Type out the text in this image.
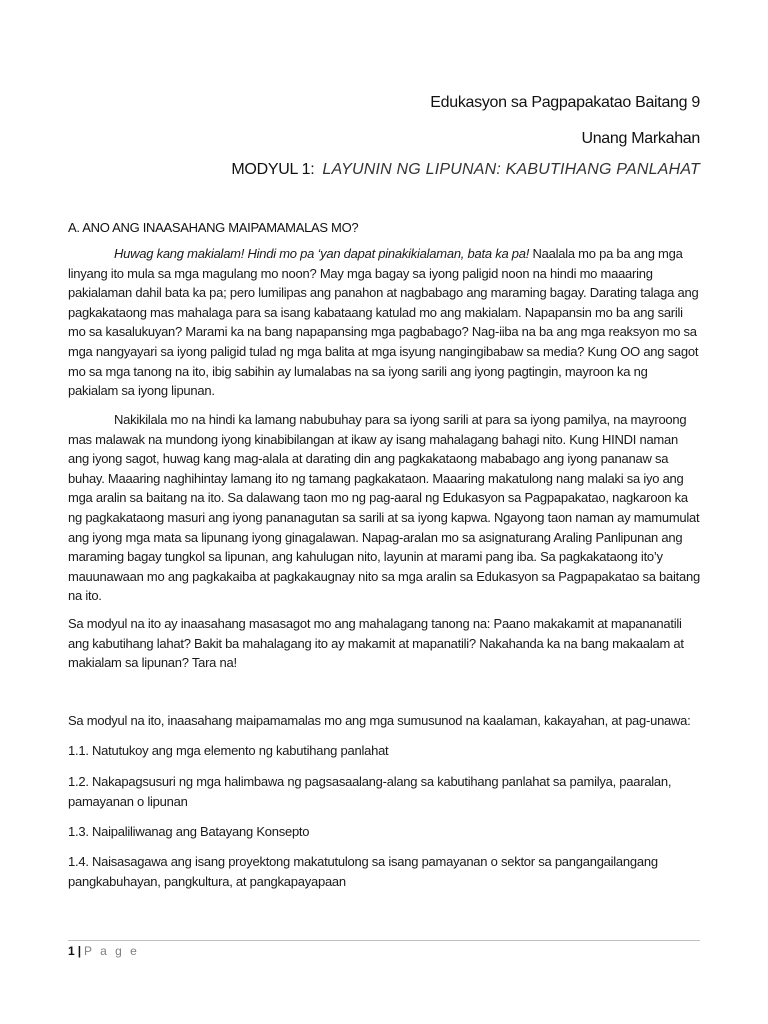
Edukasyon sa Pagpapakatao Baitang 9
Unang Markahan
MODYUL 1: LAYUNIN NG LIPUNAN: KABUTIHANG PANLAHAT
A. ANO ANG INAASAHANG MAIPAMAMALAS MO?
Huwag kang makialam! Hindi mo pa ‘yan dapat pinakikialaman, bata ka pa! Naalala mo pa ba ang mga linyang ito mula sa mga magulang mo noon? May mga bagay sa iyong paligid noon na hindi mo maaaring pakialaman dahil bata ka pa; pero lumilipas ang panahon at nagbabago ang maraming bagay. Darating talaga ang pagkakataong mas mahalaga para sa isang kabataang katulad mo ang makialam. Napapansin mo ba ang sarili mo sa kasalukuyan? Marami ka na bang napapansing mga pagbabago? Nag-iiba na ba ang mga reaksyon mo sa mga nangyayari sa iyong paligid tulad ng mga balita at mga isyung nangingibabaw sa media? Kung OO ang sagot mo sa mga tanong na ito, ibig sabihin ay lumalabas na sa iyong sarili ang iyong pagtingin, mayroon ka ng pakialam sa iyong lipunan.
Nakikilala mo na hindi ka lamang nabubuhay para sa iyong sarili at para sa iyong pamilya, na mayroong mas malawak na mundong iyong kinabibilangan at ikaw ay isang mahalagang bahagi nito. Kung HINDI naman ang iyong sagot, huwag kang mag-alala at darating din ang pagkakataong mababago ang iyong pananaw sa buhay. Maaaring naghihintay lamang ito ng tamang pagkakataon. Maaaring makatulong nang malaki sa iyo ang mga aralin sa baitang na ito. Sa dalawang taon mo ng pag-aaral ng Edukasyon sa Pagpapakatao, nagkaroon ka ng pagkakataong masuri ang iyong pananagutan sa sarili at sa iyong kapwa. Ngayong taon naman ay mamumulat ang iyong mga mata sa lipunang iyong ginagalawan. Napag-aralan mo sa asignaturang Araling Panlipunan ang maraming bagay tungkol sa lipunan, ang kahulugan nito, layunin at marami pang iba. Sa pagkakataong ito’y mauunawaan mo ang pagkakaiba at pagkakaugnay nito sa mga aralin sa Edukasyon sa Pagpapakatao sa baitang na ito.
Sa modyul na ito ay inaasahang masasagot mo ang mahalagang tanong na: Paano makakamit at mapananatili ang kabutihang lahat? Bakit ba mahalagang ito ay makamit at mapanatili? Nakahanda ka na bang makaalam at makialam sa lipunan? Tara na!
Sa modyul na ito, inaasahang maipamamalas mo ang mga sumusunod na kaalaman, kakayahan, at pag-unawa:
1.1. Natutukoy ang mga elemento ng kabutihang panlahat
1.2. Nakapagsusuri ng mga halimbawa ng pagsasaalang-alang sa kabutihang panlahat sa pamilya, paaralan, pamayanan o lipunan
1.3. Naipaliliwanag ang Batayang Konsepto
1.4. Naisasagawa ang isang proyektong makatutulong sa isang pamayanan o sektor sa pangangailangang pangkabuhayan, pangkultura, at pangkapayapaan
1 | P a g e
